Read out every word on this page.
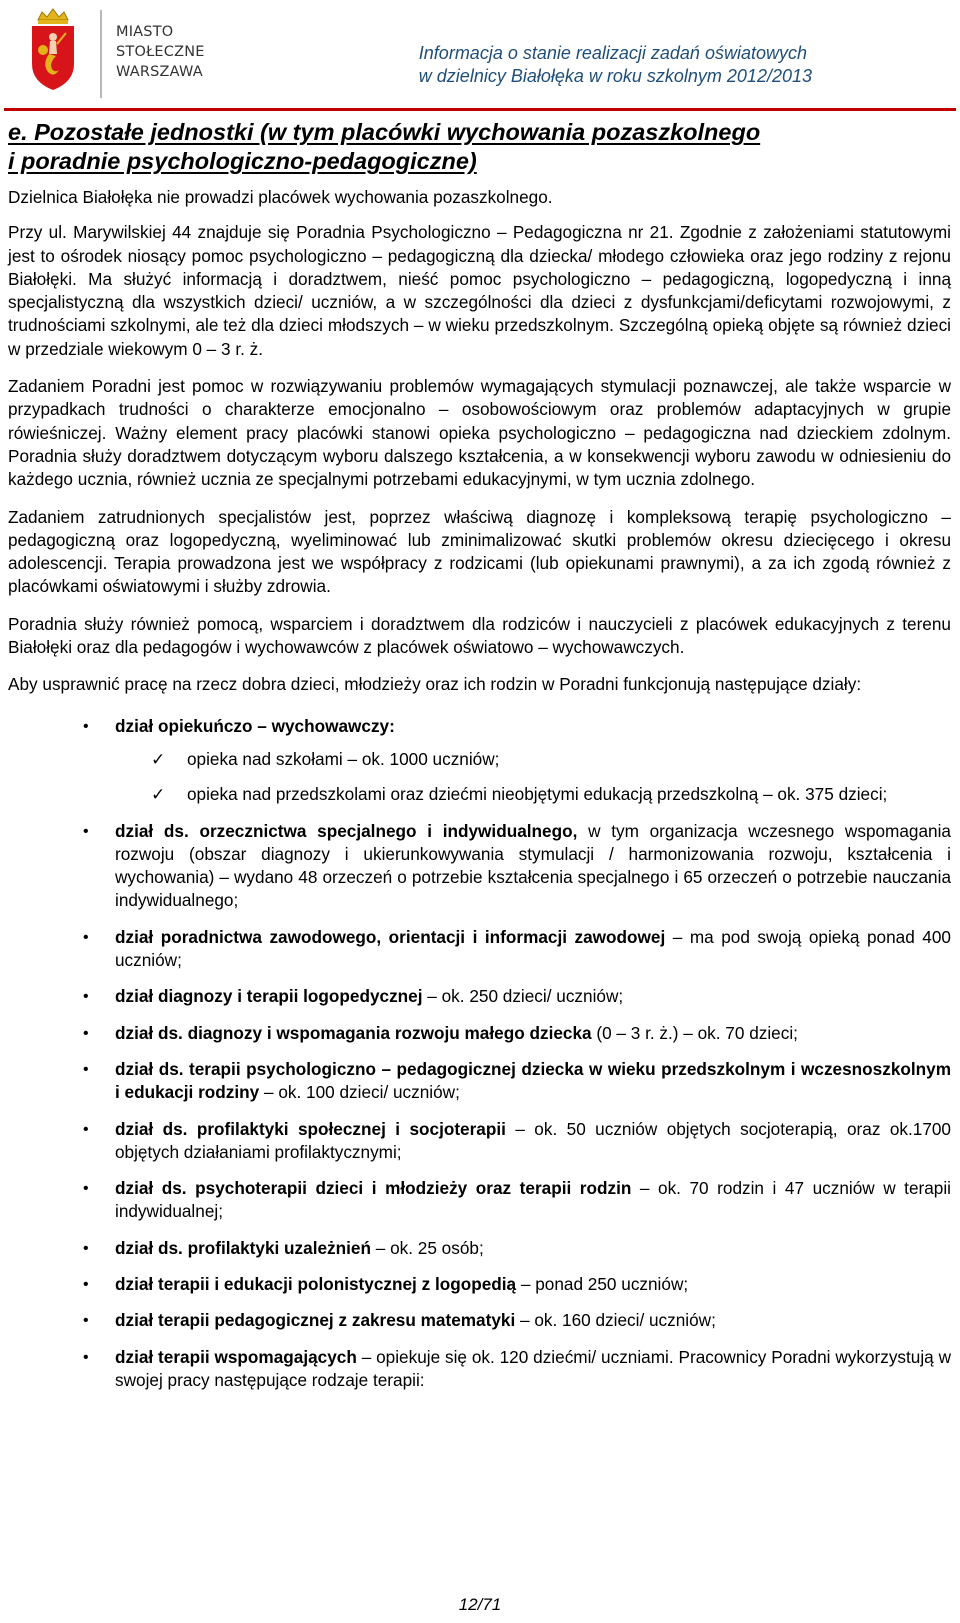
MIASTO
STOŁECZNE
WARSZAWA
Informacja o stanie realizacji zadań oświatowych
w dzielnicy Białołęka w roku szkolnym 2012/2013
e. Pozostałe jednostki (w tym placówki wychowania pozaszkolnego
i poradnie psychologiczno-pedagogiczne)

Dzielnica Białołęka nie prowadzi placówek wychowania pozaszkolnego.

Przy ul. Marywilskiej 44 znajduje się Poradnia Psychologiczno – Pedagogiczna nr 21. Zgodnie z założeniami statutowymi jest to ośrodek niosący pomoc psychologiczno – pedagogiczną dla dziecka/ młodego człowieka oraz jego rodziny z rejonu Białołęki. Ma służyć informacją i doradztwem, nieść pomoc psychologiczno – pedagogiczną, logopedyczną i inną specjalistyczną dla wszystkich dzieci/ uczniów, a w szczególności dla dzieci z dysfunkcjami/deficytami rozwojowymi, z trudnościami szkolnymi, ale też dla dzieci młodszych – w wieku przedszkolnym. Szczególną opieką objęte są również dzieci w przedziale wiekowym 0 – 3 r. ż.

Zadaniem Poradni jest pomoc w rozwiązywaniu problemów wymagających stymulacji poznawczej, ale także wsparcie w przypadkach trudności o charakterze emocjonalno – osobowościowym oraz problemów adaptacyjnych w grupie rówieśniczej. Ważny element pracy placówki stanowi opieka psychologiczno – pedagogiczna nad dzieckiem zdolnym. Poradnia służy doradztwem dotyczącym wyboru dalszego kształcenia, a w konsekwencji wyboru zawodu w odniesieniu do każdego ucznia, również ucznia ze specjalnymi potrzebami edukacyjnymi, w tym ucznia zdolnego.

Zadaniem zatrudnionych specjalistów jest, poprzez właściwą diagnozę i kompleksową terapię psychologiczno – pedagogiczną oraz logopedyczną, wyeliminować lub zminimalizować skutki problemów okresu dziecięcego i okresu adolescencji. Terapia prowadzona jest we współpracy z rodzicami (lub opiekunami prawnymi), a za ich zgodą również z placówkami oświatowymi i służby zdrowia.

Poradnia służy również pomocą, wsparciem i doradztwem dla rodziców i nauczycieli z placówek edukacyjnych z terenu Białołęki oraz dla pedagogów i wychowawców z placówek oświatowo – wychowawczych.

Aby usprawnić pracę na rzecz dobra dzieci, młodzieży oraz ich rodzin w Poradni funkcjonują następujące działy:

• dział opiekuńczo – wychowawczy:
✓ opieka nad szkołami – ok. 1000 uczniów;
✓ opieka nad przedszkolami oraz dziećmi nieobjętymi edukacją przedszkolną – ok. 375 dzieci;
• dział ds. orzecznictwa specjalnego i indywidualnego, w tym organizacja wczesnego wspomagania rozwoju (obszar diagnozy i ukierunkowywania stymulacji / harmonizowania rozwoju, kształcenia i wychowania) – wydano 48 orzeczeń o potrzebie kształcenia specjalnego i 65 orzeczeń o potrzebie nauczania indywidualnego;
• dział poradnictwa zawodowego, orientacji i informacji zawodowej – ma pod swoją opieką ponad 400 uczniów;
• dział diagnozy i terapii logopedycznej – ok. 250 dzieci/ uczniów;
• dział ds. diagnozy i wspomagania rozwoju małego dziecka (0 – 3 r. ż.) – ok. 70 dzieci;
• dział ds. terapii psychologiczno – pedagogicznej dziecka w wieku przedszkolnym i wczesnoszkolnym i edukacji rodziny – ok. 100 dzieci/ uczniów;
• dział ds. profilaktyki społecznej i socjoterapii – ok. 50 uczniów objętych socjoterapią, oraz ok.1700 objętych działaniami profilaktycznymi;
• dział ds. psychoterapii dzieci i młodzieży oraz terapii rodzin – ok. 70 rodzin i 47 uczniów w terapii indywidualnej;
• dział ds. profilaktyki uzależnień – ok. 25 osób;
• dział terapii i edukacji polonistycznej z logopedią – ponad 250 uczniów;
• dział terapii pedagogicznej z zakresu matematyki – ok. 160 dzieci/ uczniów;
• dział terapii wspomagających – opiekuje się ok. 120 dziećmi/ uczniami. Pracownicy Poradni wykorzystują w swojej pracy następujące rodzaje terapii:
12/71
